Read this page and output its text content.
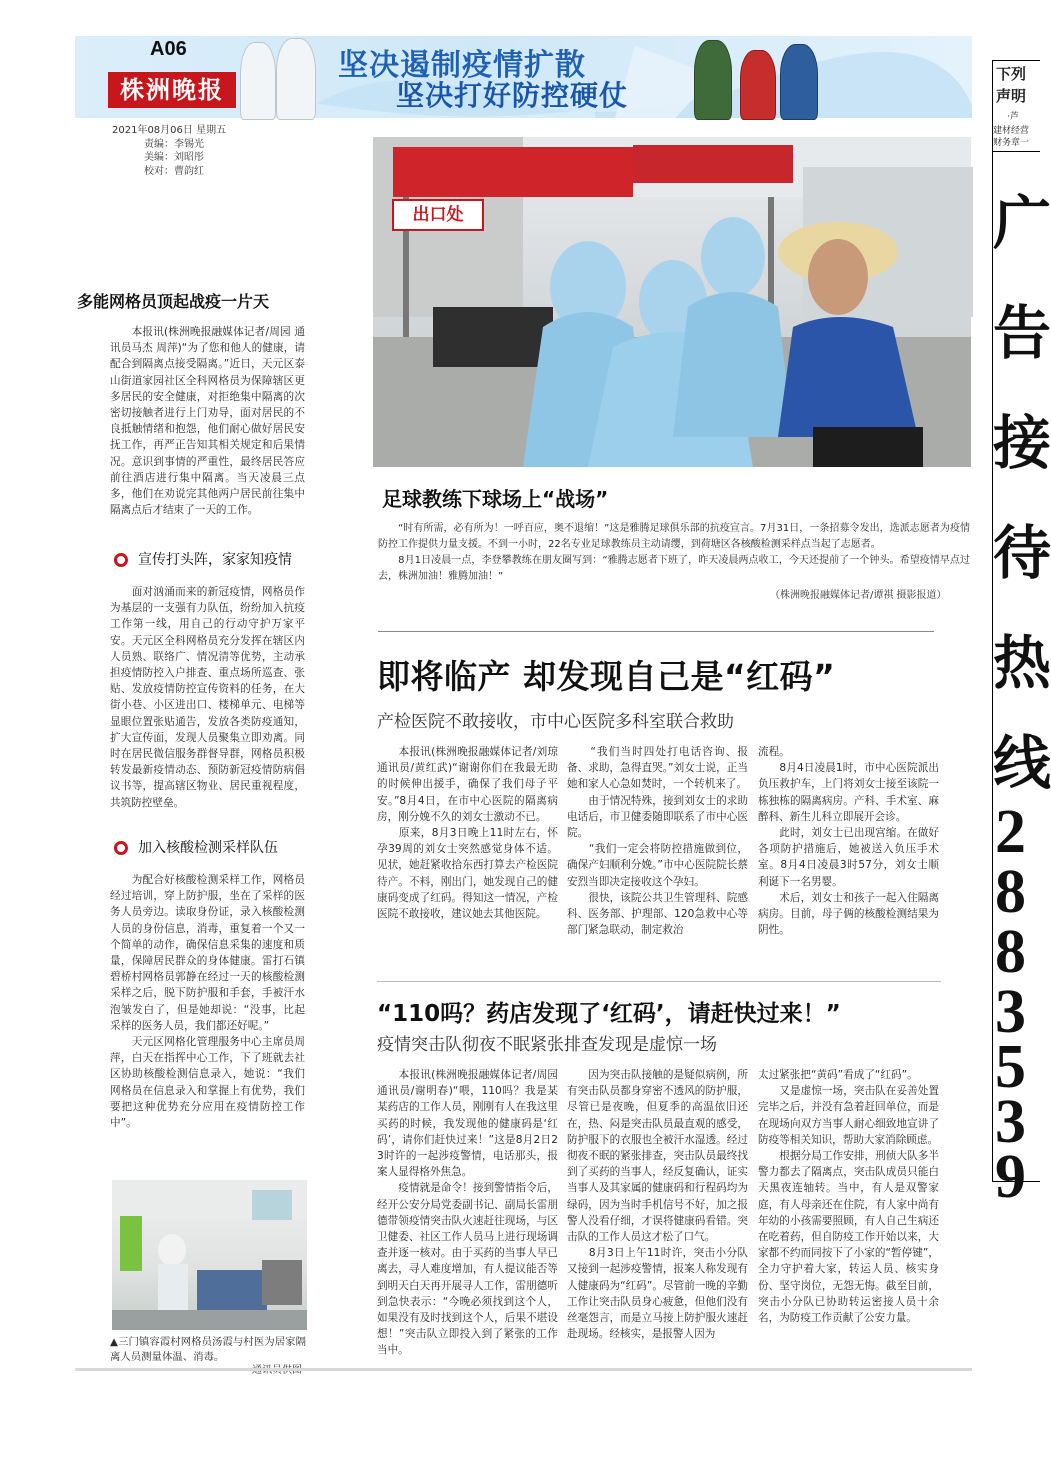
A06
株洲晚报
坚决遏制疫情扩散
坚决打好防控硬仗
2021年08月06日 星期五
责编：李锡光
美编：刘昭彤
校对：曹韵红
下列
声明
·芦
建材经营
财务章一
广
告
接
待
热
线
2
8
8
3
5
3
9
出口处
足球教练下球场上“战场”
　　“时有所需，必有所为！一呼百应，奥不退缩！”这是雅腾足球俱乐部的抗疫宣言。7月31日，一条招募令发出，选派志愿者为疫情防控工作提供力量支援。不到一小时，22名专业足球教练员主动请缨，到荷塘区各核酸检测采样点当起了志愿者。
　　8月1日凌晨一点，李登攀教练在朋友圈写到：“雅腾志愿者下班了，昨天凌晨两点收工，今天还提前了一个钟头。希望疫情早点过去，株洲加油！雅腾加油！”
（株洲晚报融媒体记者/谭祺 摄影报道）
多能网格员顶起战疫一片天
　　本报讯(株洲晚报融媒体记者/周园 通讯员马杰 周萍)“为了您和他人的健康，请配合到隔离点接受隔离。”近日，天元区泰山街道家园社区全科网格员为保障辖区更多居民的安全健康，对拒绝集中隔离的次密切接触者进行上门劝导，面对居民的不良抵触情绪和抱怨，他们耐心做好居民安抚工作，再严正告知其相关规定和后果情况。意识到事情的严重性，最终居民答应前往酒店进行集中隔离。当天凌晨三点多，他们在劝说完其他两户居民前往集中隔离点后才结束了一天的工作。
宣传打头阵，家家知疫情
　　面对汹涌而来的新冠疫情，网格员作为基层的一支强有力队伍，纷纷加入抗疫工作第一线，用自己的行动守护万家平安。天元区全科网格员充分发挥在辖区内人员熟、联络广、情况清等优势，主动承担疫情防控入户排查、重点场所巡查、张贴、发放疫情防控宣传资料的任务，在大街小巷、小区进出口、楼梯单元、电梯等显眼位置张贴通告，发放各类防疫通知，扩大宣传面，发现人员聚集立即劝离。同时在居民微信服务群督导群，网格员积极转发最新疫情动态、预防新冠疫情防病倡议书等，提高辖区物业、居民重视程度，共筑防控壁垒。
加入核酸检测采样队伍
　　为配合好核酸检测采样工作，网格员经过培训，穿上防护服，坐在了采样的医务人员旁边。读取身份证，录入核酸检测人员的身份信息，消毒，重复着一个又一个简单的动作，确保信息采集的速度和质量，保障居民群众的身体健康。雷打石镇碧桥村网格员郭静在经过一天的核酸检测采样之后，脱下防护服和手套，手被汗水泡皱发白了，但是她却说：“没事，比起采样的医务人员，我们都还好呢。”
　　天元区网格化管理服务中心主席员周萍，白天在指挥中心工作，下了班就去社区协助核酸检测信息录入，她说：“我们网格员在信息录入和掌握上有优势，我们要把这种优势充分应用在疫情防控工作中”。
▲三门镇容霞村网格员汤霞与村医为居家隔离人员测量体温、消毒。
即将临产 却发现自己是“红码”
产检医院不敢接收，市中心医院多科室联合救助
　　本报讯(株洲晚报融媒体记者/刘琼 通讯员/黄红武)“谢谢你们在我最无助的时候伸出援手，确保了我们母子平安。”8月4日，在市中心医院的隔离病房，刚分娩不久的刘女士激动不已。
　　原来，8月3日晚上11时左右，怀孕39周的刘女士突然感觉身体不适。见状，她赶紧收拾东西打算去产检医院待产。不料，刚出门，她发现自己的健康码变成了红码。得知这一情况，产检医院不敢接收，建议她去其他医院。
　　“我们当时四处打电话咨询、报备、求助，急得直哭。”刘女士说，正当她和家人心急如焚时，一个转机来了。
　　由于情况特殊，接到刘女士的求助电话后，市卫健委随即联系了市中心医院。
　　“我们一定会将防控措施做到位，确保产妇顺利分娩。”市中心医院院长蔡安烈当即决定接收这个孕妇。
　　很快，该院公共卫生管理科、院感科、医务部、护理部、120急救中心等部门紧急联动，制定救治
流程。
　　8月4日凌晨1时，市中心医院派出负压救护车，上门将刘女士接至该院一栋独栋的隔离病房。产科、手术室、麻醉科、新生儿科立即展开会诊。
　　此时，刘女士已出现宫缩。在做好各项防护措施后，她被送入负压手术室。8月4日凌晨3时57分，刘女士顺利诞下一名男婴。
　　术后，刘女士和孩子一起入住隔离病房。目前，母子俩的核酸检测结果为阴性。
“110吗？药店发现了‘红码’，请赶快过来！”
疫情突击队彻夜不眠紧张排查发现是虚惊一场
　　本报讯(株洲晚报融媒体记者/周园 通讯员/谢明春)“喂，110吗？我是某某药店的工作人员，刚刚有人在我这里买药的时候，我发现他的健康码是‘红码’，请你们赶快过来！”这是8月2日23时许的一起涉疫警情，电话那头，报案人显得格外焦急。
　　疫情就是命令！接到警情指令后，经开公安分局党委副书记、副局长雷朋德带领疫情突击队火速赶往现场，与区卫健委、社区工作人员马上进行现场调查并逐一核对。由于买药的当事人早已离去，寻人难度增加，有人提议能否等到明天白天再开展寻人工作，雷朋德听到急快表示：“今晚必须找到这个人，如果没有及时找到这个人，后果不堪设想！”突击队立即投入到了紧张的工作当中。
　　因为突击队接触的是疑似病例，所有突击队员都身穿密不透风的防护服，尽管已是夜晚，但夏季的高温依旧还在，热、闷是突击队员最直观的感受，防护服下的衣服也全被汗水湿透。经过彻夜不眠的紧张排查，突击队员最终找到了买药的当事人，经反复确认，证实当事人及其家属的健康码和行程码均为绿码，因为当时手机信号不好，加之报警人没看仔细，才误将健康码看错。突击队的工作人员这才松了口气。
　　8月3日上午11时许，突击小分队又接到一起涉疫警情，报案人称发现有人健康码为“红码”。尽管前一晚的辛勤工作让突击队员身心疲惫，但他们没有丝毫怨言，而是立马接上防护服火速赶赴现场。经核实，是报警人因为
太过紧张把“黄码”看成了“红码”。
　　又是虚惊一场，突击队在妥善处置完毕之后，并没有急着赶回单位，而是在现场向双方当事人耐心细致地宣讲了防疫等相关知识，帮助大家消除顾虑。
　　根据分局工作安排，刑侦大队多半警力都去了隔离点，突击队成员只能白天黑夜连轴转。当中，有人是双警家庭，有人母亲还在住院，有人家中尚有年幼的小孩需要照顾，有人自己生病还在吃着药，但自防疫工作开始以来，大家都不约而同按下了小家的“暂停键”，全力守护着大家，转运人员、核实身份、坚守岗位，无怨无悔。截至目前，突击小分队已协助转运密接人员十余名，为防疫工作贡献了公安力量。
